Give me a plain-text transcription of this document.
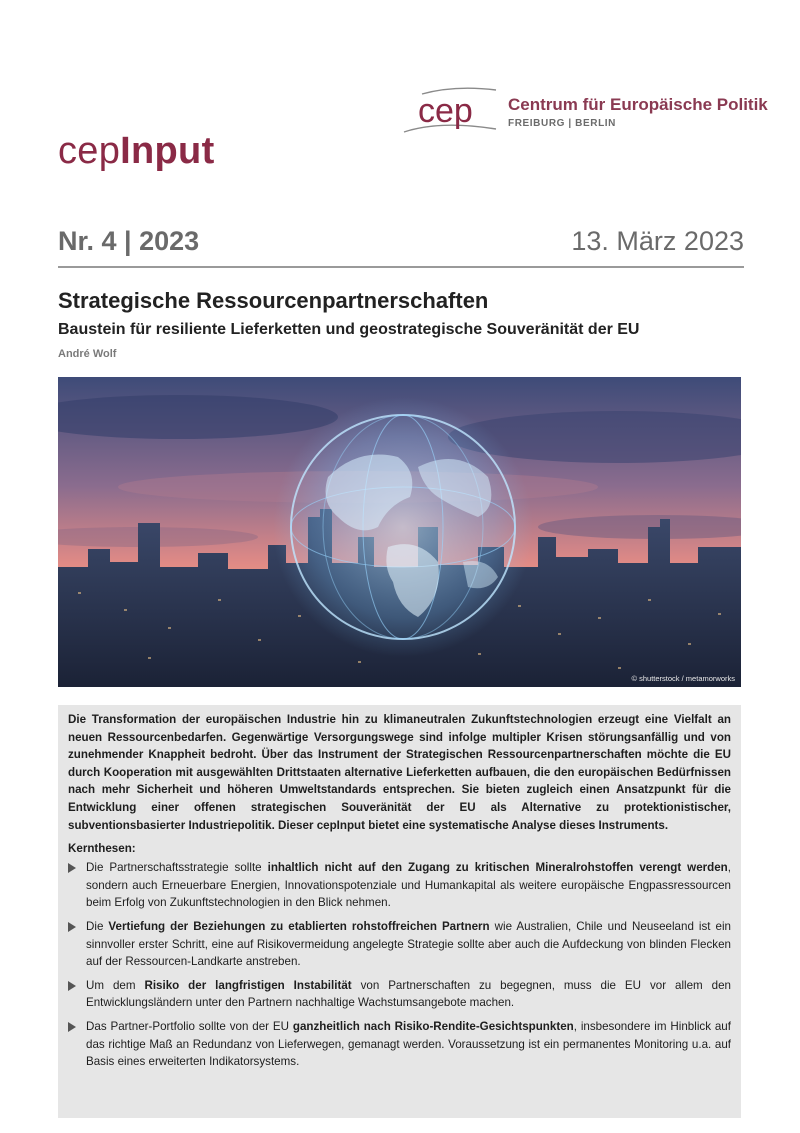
cep Centrum für Europäische Politik
FREIBURG | BERLIN
cepInput
Nr. 4 | 2023	13. März 2023
Strategische Ressourcenpartnerschaften
Baustein für resiliente Lieferketten und geostrategische Souveränität der EU
André Wolf
© shutterstock / metamorworks

Die Transformation der europäischen Industrie hin zu klimaneutralen Zukunftstechnologien erzeugt eine Vielfalt an neuen Ressourcenbedarfen. Gegenwärtige Versorgungswege sind infolge multipler Krisen störungsanfällig und von zunehmender Knappheit bedroht. Über das Instrument der Strategischen Ressourcenpartnerschaften möchte die EU durch Kooperation mit ausgewählten Drittstaaten alternative Lieferketten aufbauen, die den europäischen Bedürfnissen nach mehr Sicherheit und höheren Umweltstandards entsprechen. Sie bieten zugleich einen Ansatzpunkt für die Entwicklung einer offenen strategischen Souveränität der EU als Alternative zu protektionistischer, subventionsbasierter Industriepolitik. Dieser cepInput bietet eine systematische Analyse dieses Instruments.

Kernthesen:

Die Partnerschaftsstrategie sollte inhaltlich nicht auf den Zugang zu kritischen Mineralrohstoffen verengt werden, sondern auch Erneuerbare Energien, Innovationspotenziale und Humankapital als weitere europäische Engpassressourcen beim Erfolg von Zukunftstechnologien in den Blick nehmen.

Die Vertiefung der Beziehungen zu etablierten rohstoffreichen Partnern wie Australien, Chile und Neuseeland ist ein sinnvoller erster Schritt, eine auf Risikovermeidung angelegte Strategie sollte aber auch die Aufdeckung von blinden Flecken auf der Ressourcen-Landkarte anstreben.

Um dem Risiko der langfristigen Instabilität von Partnerschaften zu begegnen, muss die EU vor allem den Entwicklungsländern unter den Partnern nachhaltige Wachstumsangebote machen.

Das Partner-Portfolio sollte von der EU ganzheitlich nach Risiko-Rendite-Gesichtspunkten, insbesondere im Hinblick auf das richtige Maß an Redundanz von Lieferwegen, gemanagt werden. Voraussetzung ist ein permanentes Monitoring u.a. auf Basis eines erweiterten Indikatorsystems.
